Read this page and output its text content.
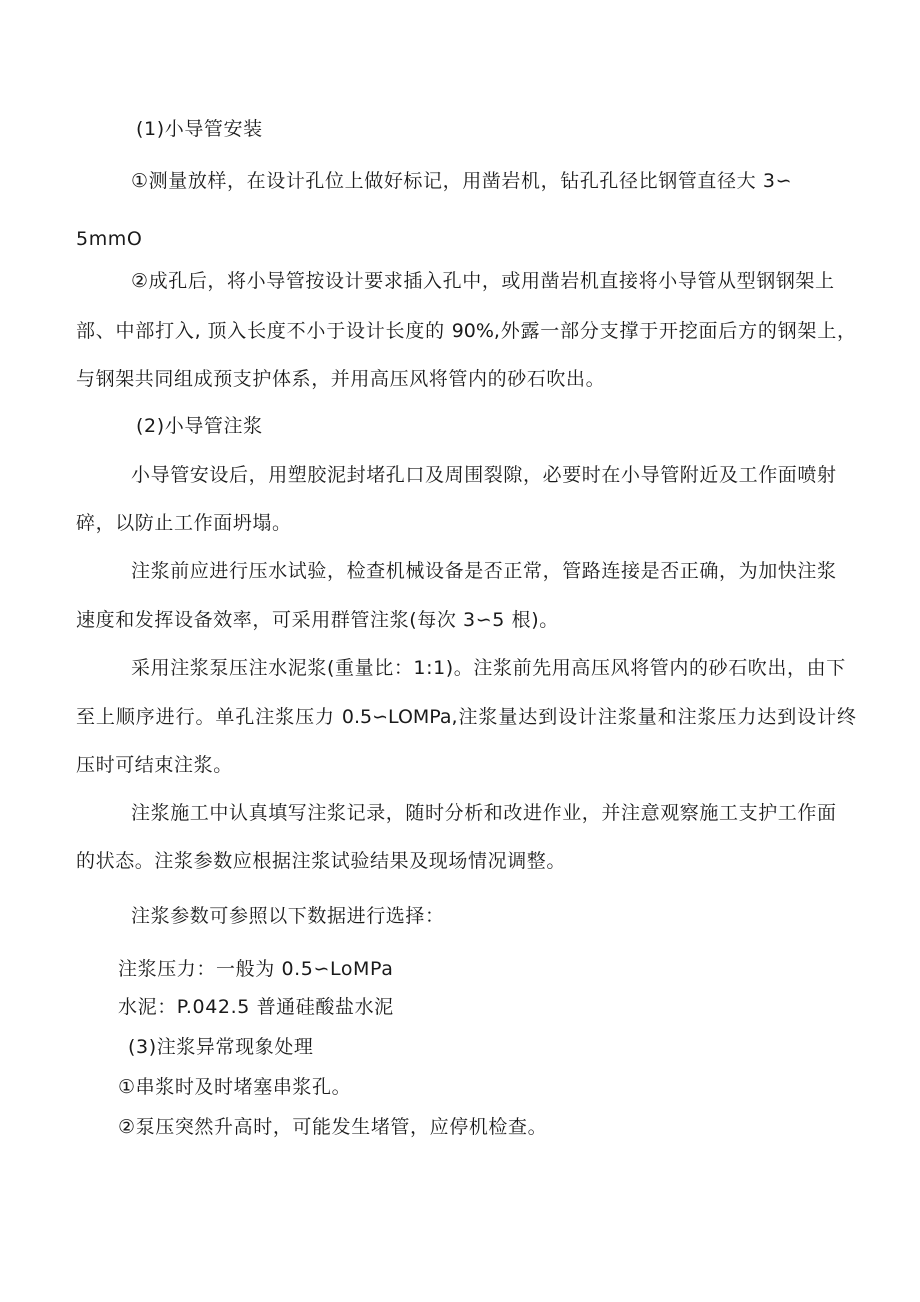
(1)小导管安装
①测量放样，在设计孔位上做好标记，用凿岩机，钻孔孔径比钢管直径大 3∽
5mmO
②成孔后，将小导管按设计要求插入孔中，或用凿岩机直接将小导管从型钢钢架上
部、中部打入, 顶入长度不小于设计长度的 90%,外露一部分支撑于开挖面后方的钢架上，
与钢架共同组成预支护体系，并用高压风将管内的砂石吹出。
(2)小导管注浆
小导管安设后，用塑胶泥封堵孔口及周围裂隙，必要时在小导管附近及工作面喷射
碎，以防止工作面坍塌。
注浆前应进行压水试验，检查机械设备是否正常，管路连接是否正确，为加快注浆
速度和发挥设备效率，可采用群管注浆(每次 3∽5 根)。
采用注浆泵压注水泥浆(重量比：1:1)。注浆前先用高压风将管内的砂石吹出，由下
至上顺序进行。单孔注浆压力 0.5∽LOMPa,注浆量达到设计注浆量和注浆压力达到设计终
压时可结束注浆。
注浆施工中认真填写注浆记录，随时分析和改进作业，并注意观察施工支护工作面
的状态。注浆参数应根据注浆试验结果及现场情况调整。
注浆参数可参照以下数据进行选择：
注浆压力：一般为 0.5∽LoMPa
水泥：P.042.5 普通硅酸盐水泥
(3)注浆异常现象处理
①串浆时及时堵塞串浆孔。
②泵压突然升高时，可能发生堵管，应停机检查。
